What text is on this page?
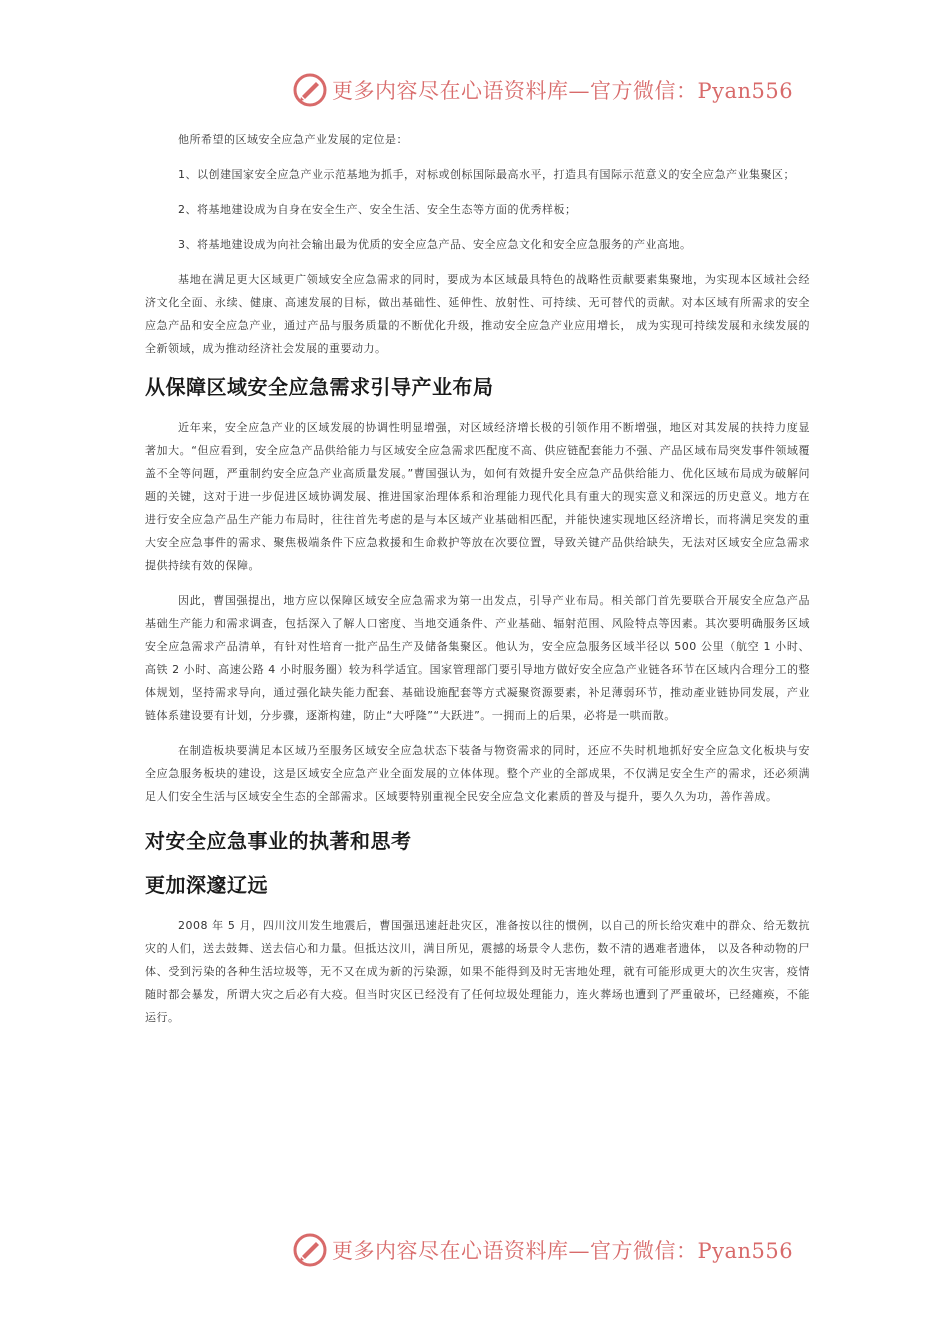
更多内容尽在心语资料库—官方微信：Pyan556

他所希望的区域安全应急产业发展的定位是：

1、以创建国家安全应急产业示范基地为抓手，对标或创标国际最高水平，打造具有国际示范意义的安全应急产业集聚区；

2、将基地建设成为自身在安全生产、安全生活、安全生态等方面的优秀样板；

3、将基地建设成为向社会输出最为优质的安全应急产品、安全应急文化和安全应急服务的产业高地。

基地在满足更大区域更广领域安全应急需求的同时，要成为本区域最具特色的战略性贡献要素集聚地，为实现本区域社会经济文化全面、永续、健康、高速发展的目标，做出基础性、延伸性、放射性、可持续、无可替代的贡献。对本区域有所需求的安全应急产品和安全应急产业，通过产品与服务质量的不断优化升级，推动安全应急产业应用增长， 成为实现可持续发展和永续发展的全新领域，成为推动经济社会发展的重要动力。

从保障区域安全应急需求引导产业布局

近年来，安全应急产业的区域发展的协调性明显增强，对区域经济增长极的引领作用不断增强，地区对其发展的扶持力度显著加大。“但应看到，安全应急产品供给能力与区域安全应急需求匹配度不高、供应链配套能力不强、产品区域布局突发事件领域覆盖不全等问题，严重制约安全应急产业高质量发展。”曹国强认为，如何有效提升安全应急产品供给能力、优化区域布局成为破解问题的关键，这对于进一步促进区域协调发展、推进国家治理体系和治理能力现代化具有重大的现实意义和深远的历史意义。地方在进行安全应急产品生产能力布局时，往往首先考虑的是与本区域产业基础相匹配，并能快速实现地区经济增长，而将满足突发的重大安全应急事件的需求、聚焦极端条件下应急救援和生命救护等放在次要位置，导致关键产品供给缺失，无法对区域安全应急需求提供持续有效的保障。

因此，曹国强提出，地方应以保障区域安全应急需求为第一出发点，引导产业布局。相关部门首先要联合开展安全应急产品基础生产能力和需求调查，包括深入了解人口密度、当地交通条件、产业基础、辐射范围、风险特点等因素。其次要明确服务区域安全应急需求产品清单，有针对性培育一批产品生产及储备集聚区。他认为，安全应急服务区域半径以 500 公里（航空 1 小时、高铁 2 小时、高速公路 4 小时服务圈）较为科学适宜。国家管理部门要引导地方做好安全应急产业链各环节在区域内合理分工的整体规划，坚持需求导向，通过强化缺失能力配套、基础设施配套等方式凝聚资源要素，补足薄弱环节，推动產业链协同发展，产业链体系建设要有计划，分步骤，逐渐构建，防止“大呼隆”“大跃进”。一拥而上的后果，必将是一哄而散。

在制造板块要满足本区域乃至服务区域安全应急状态下装备与物资需求的同时，还应不失时机地抓好安全应急文化板块与安全应急服务板块的建设，这是区域安全应急产业全面发展的立体体现。整个产业的全部成果，不仅满足安全生产的需求，还必须满足人们安全生活与区域安全生态的全部需求。区域要特别重视全民安全应急文化素质的普及与提升，要久久为功，善作善成。

对安全应急事业的执著和思考
更加深邃辽远

2008 年 5 月，四川汶川发生地震后，曹国强迅速赶赴灾区，准备按以往的惯例，以自己的所长给灾难中的群众、给无数抗灾的人们，送去鼓舞、送去信心和力量。但抵达汶川，满目所见，震撼的场景令人悲伤，数不清的遇难者遗体， 以及各种动物的尸体、受到污染的各种生活垃圾等，无不又在成为新的污染源，如果不能得到及时无害地处理，就有可能形成更大的次生灾害，疫情随时都会暴发，所谓大灾之后必有大疫。但当时灾区已经没有了任何垃圾处理能力，连火葬场也遭到了严重破坏，已经瘫痪，不能运行。

更多内容尽在心语资料库—官方微信：Pyan556
